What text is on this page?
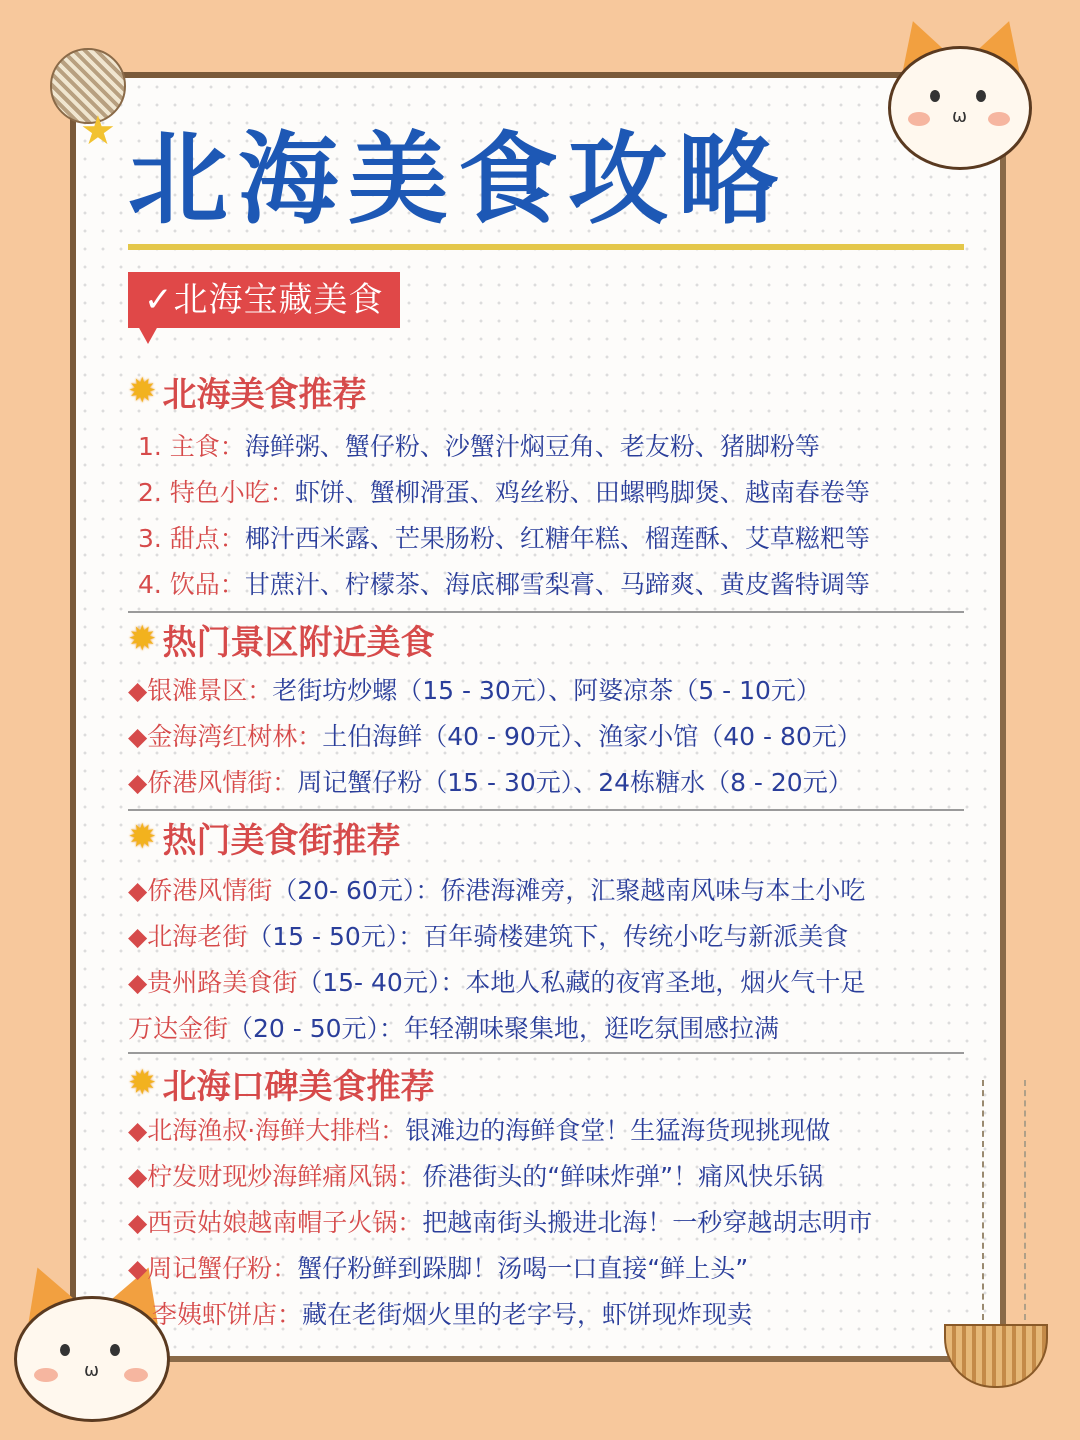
★	ω
ω
北海美食攻略
✓北海宝藏美食
✹ 北海美食推荐
1. 主食：海鲜粥、蟹仔粉、沙蟹汁焖豆角、老友粉、猪脚粉等
2. 特色小吃：虾饼、蟹柳滑蛋、鸡丝粉、田螺鸭脚煲、越南春卷等
3. 甜点：椰汁西米露、芒果肠粉、红糖年糕、榴莲酥、艾草糍粑等
4. 饮品：甘蔗汁、柠檬茶、海底椰雪梨膏、马蹄爽、黄皮酱特调等
✹ 热门景区附近美食
◆银滩景区：老街坊炒螺（15 - 30元）、阿婆凉茶（5 - 10元）
◆金海湾红树林：土伯海鲜（40 - 90元）、渔家小馆（40 - 80元）
◆侨港风情街：周记蟹仔粉（15 - 30元）、24栋糖水（8 - 20元）
✹ 热门美食街推荐
◆侨港风情街（20- 60元）：侨港海滩旁，汇聚越南风味与本土小吃
◆北海老街（15 - 50元）：百年骑楼建筑下，传统小吃与新派美食
◆贵州路美食街（15- 40元）：本地人私藏的夜宵圣地，烟火气十足
万达金街（20 - 50元）：年轻潮味聚集地，逛吃氛围感拉满
✹ 北海口碑美食推荐
◆北海渔叔·海鲜大排档：银滩边的海鲜食堂！生猛海货现挑现做
◆柠发财现炒海鲜痛风锅：侨港街头的“鲜味炸弹”！痛风快乐锅
◆西贡姑娘越南帽子火锅：把越南街头搬进北海！一秒穿越胡志明市
◆周记蟹仔粉：蟹仔粉鲜到跺脚！汤喝一口直接“鲜上头”
李姨虾饼店：藏在老街烟火里的老字号，虾饼现炸现卖
